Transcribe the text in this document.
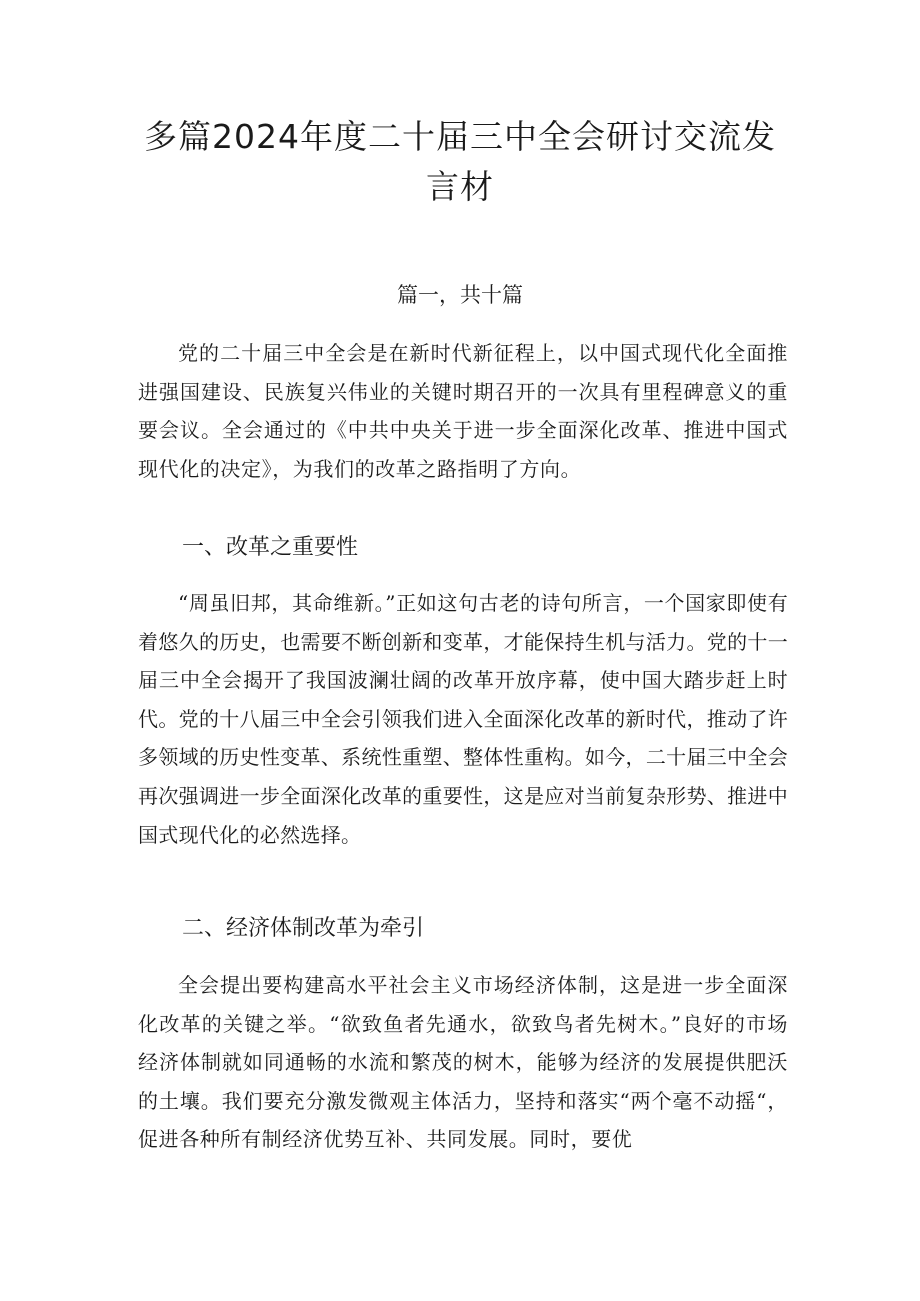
多篇2024年度二十届三中全会研讨交流发言材

篇一，共十篇

党的二十届三中全会是在新时代新征程上，以中国式现代化全面推进强国建设、民族复兴伟业的关键时期召开的一次具有里程碑意义的重要会议。全会通过的《中共中央关于进一步全面深化改革、推进中国式现代化的决定》，为我们的改革之路指明了方向。

一、改革之重要性

“周虽旧邦，其命维新。”正如这句古老的诗句所言，一个国家即使有着悠久的历史，也需要不断创新和变革，才能保持生机与活力。党的十一届三中全会揭开了我国波澜壮阔的改革开放序幕，使中国大踏步赶上时代。党的十八届三中全会引领我们进入全面深化改革的新时代，推动了许多领域的历史性变革、系统性重塑、整体性重构。如今，二十届三中全会再次强调进一步全面深化改革的重要性，这是应对当前复杂形势、推进中国式现代化的必然选择。

二、经济体制改革为牵引

全会提出要构建高水平社会主义市场经济体制，这是进一步全面深化改革的关键之举。“欲致鱼者先通水，欲致鸟者先树木。”良好的市场经济体制就如同通畅的水流和繁茂的树木，能够为经济的发展提供肥沃的土壤。我们要充分激发微观主体活力，坚持和落实“两个毫不动摇“，促进各种所有制经济优势互补、共同发展。同时，要优
